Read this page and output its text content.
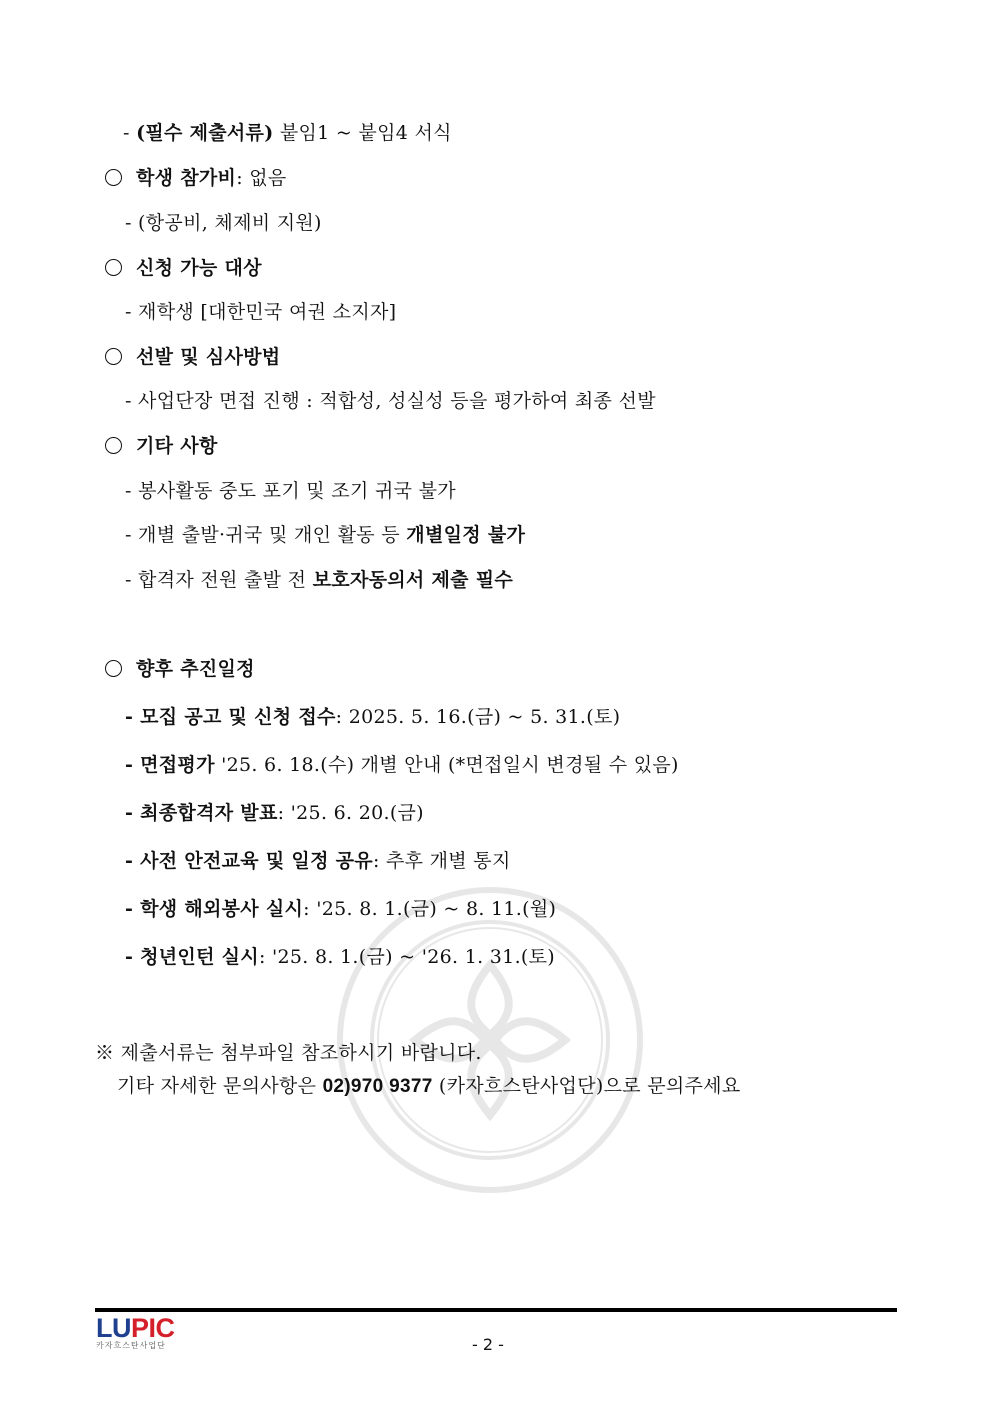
- (필수 제출서류) 붙임1 ~ 붙임4 서식
학생 참가비: 없음
- (항공비, 체제비 지원)
신청 가능 대상
- 재학생 [대한민국 여권 소지자]
선발 및 심사방법
- 사업단장 면접 진행 : 적합성, 성실성 등을 평가하여 최종 선발
기타 사항
- 봉사활동 중도 포기 및 조기 귀국 불가
- 개별 출발·귀국 및 개인 활동 등 개별일정 불가
- 합격자 전원 출발 전 보호자동의서 제출 필수
향후 추진일정
- 모집 공고 및 신청 접수: 2025. 5. 16.(금) ~ 5. 31.(토)
- 면접평가 '25. 6. 18.(수) 개별 안내 (*면접일시 변경될 수 있음)
- 최종합격자 발표: '25. 6. 20.(금)
- 사전 안전교육 및 일정 공유: 추후 개별 통지
- 학생 해외봉사 실시: '25. 8. 1.(금) ~ 8. 11.(월)
- 청년인턴 실시: '25. 8. 1.(금) ~ '26. 1. 31.(토)
※ 제출서류는 첨부파일 참조하시기 바랍니다.
기타 자세한 문의사항은 02)970 9377 (카자흐스탄사업단)으로 문의주세요
LUPIC
카자흐스탄사업단	- 2 -
